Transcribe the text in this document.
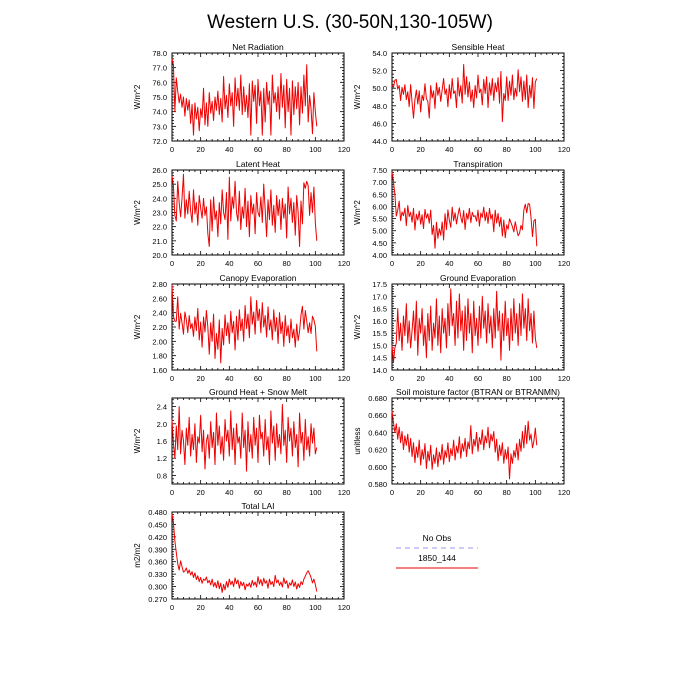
Western U.S. (30-50N,130-105W)
0	20	40	60	80 100 120
72.0
73.0
74.0
75.0
76.0
77.0
78.0
Net Radiation
W/m^2
0	20	40	60	80 100 120
44.0
46.0
48.0
50.0
52.0
54.0
Sensible Heat
W/m^2
0	20	40	60	80 100 120
20.0
21.0
22.0
23.0
24.0
25.0
26.0
Latent Heat
W/m^2
0	20	40	60	80 100 120
4.00
4.50
5.00
5.50
6.00
6.50
7.00
7.50
Transpiration
W/m^2
0	20	40	60	80 100 120
1.60
1.80
2.00
2.20
2.40
2.60
2.80
Canopy Evaporation
W/m^2
0	20	40	60	80 100 120
14.0
14.5
15.0
15.5
16.0
16.5
17.0
17.5
Ground Evaporation
W/m^2
0	20	40	60	80 100 120
0.8
1.2
1.6
2.0
2.4
Ground Heat + Snow Melt
W/m^2
0	20	40	60	80 100 120
0.580
0.600
0.620
0.640
0.660
0.680
Soil moisture factor (BTRAN or BTRANMN)
unitless
0	20	40	60	80 100 120
0.270
0.300
0.330
0.360
0.390
0.420
0.450
0.480
Total LAI
m2/m2
No Obs
1850_144
